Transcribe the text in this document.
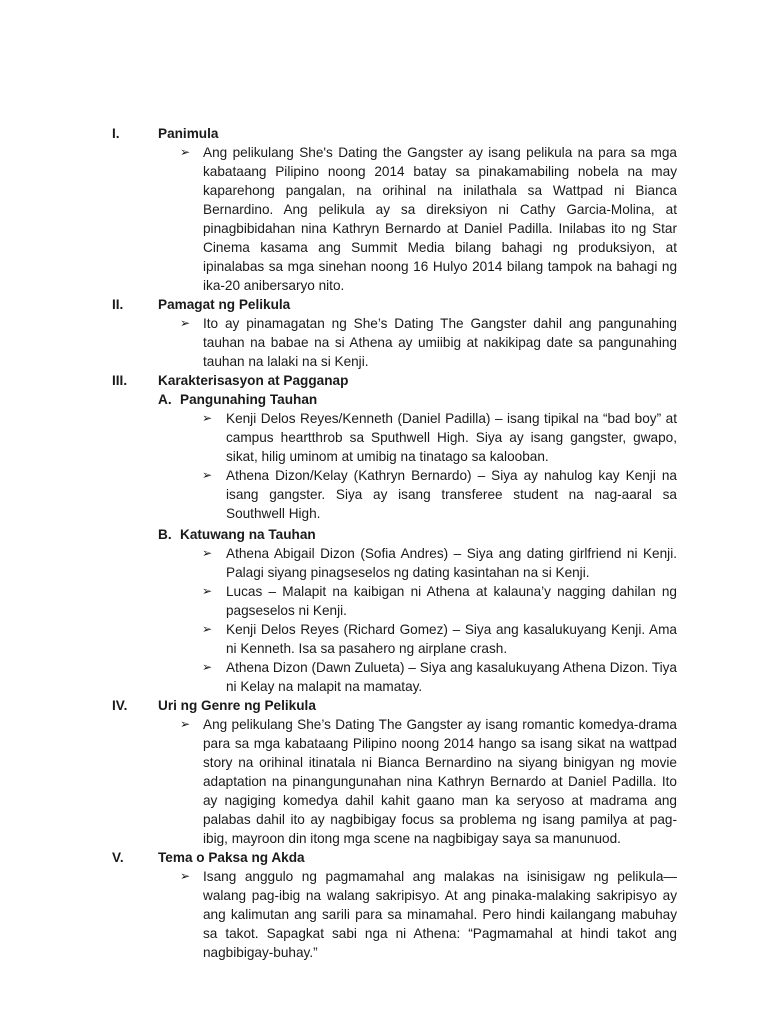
I.	Panimula
➢ Ang pelikulang She's Dating the Gangster ay isang pelikula na para sa mga kabataang Pilipino noong 2014 batay sa pinakamabiling nobela na may kaparehong pangalan, na orihinal na inilathala sa Wattpad ni Bianca Bernardino. Ang pelikula ay sa direksiyon ni Cathy Garcia-Molina, at pinagbibidahan nina Kathryn Bernardo at Daniel Padilla. Inilabas ito ng Star Cinema kasama ang Summit Media bilang bahagi ng produksiyon, at ipinalabas sa mga sinehan noong 16 Hulyo 2014 bilang tampok na bahagi ng ika-20 anibersaryo nito.
II.	Pamagat ng Pelikula
➢ Ito ay pinamagatan ng She’s Dating The Gangster dahil ang pangunahing tauhan na babae na si Athena ay umiibig at nakikipag date sa pangunahing tauhan na lalaki na si Kenji.
III. Karakterisasyon at Pagganap
A. Pangunahing Tauhan
➢ Kenji Delos Reyes/Kenneth (Daniel Padilla) – isang tipikal na “bad boy” at campus heartthrob sa Sputhwell High. Siya ay isang gangster, gwapo, sikat, hilig uminom at umibig na tinatago sa kalooban.
➢ Athena Dizon/Kelay (Kathryn Bernardo) – Siya ay nahulog kay Kenji na isang gangster. Siya ay isang transferee student na nag-aaral sa Southwell High.
B. Katuwang na Tauhan
➢ Athena Abigail Dizon (Sofia Andres) – Siya ang dating girlfriend ni Kenji. Palagi siyang pinagseselos ng dating kasintahan na si Kenji.
➢ Lucas – Malapit na kaibigan ni Athena at kalauna’y nagging dahilan ng pagseselos ni Kenji.
➢ Kenji Delos Reyes (Richard Gomez) – Siya ang kasalukuyang Kenji. Ama ni Kenneth. Isa sa pasahero ng airplane crash.
➢ Athena Dizon (Dawn Zulueta) – Siya ang kasalukuyang Athena Dizon. Tiya ni Kelay na malapit na mamatay.
IV. Uri ng Genre ng Pelikula
➢ Ang pelikulang She’s Dating The Gangster ay isang romantic komedya-drama para sa mga kabataang Pilipino noong 2014 hango sa isang sikat na wattpad story na orihinal itinatala ni Bianca Bernardino na siyang binigyan ng movie adaptation na pinangungunahan nina Kathryn Bernardo at Daniel Padilla. Ito ay nagiging komedya dahil kahit gaano man ka seryoso at madrama ang palabas dahil ito ay nagbibigay focus sa problema ng isang pamilya at pag-ibig, mayroon din itong mga scene na nagbibigay saya sa manunuod.
V.	Tema o Paksa ng Akda
➢ Isang anggulo ng pagmamahal ang malakas na isinisigaw ng pelikula— walang pag-ibig na walang sakripisyo. At ang pinaka-malaking sakripisyo ay ang kalimutan ang sarili para sa minamahal. Pero hindi kailangang mabuhay sa takot. Sapagkat sabi nga ni Athena: “Pagmamahal at hindi takot ang nagbibigay-buhay.”
